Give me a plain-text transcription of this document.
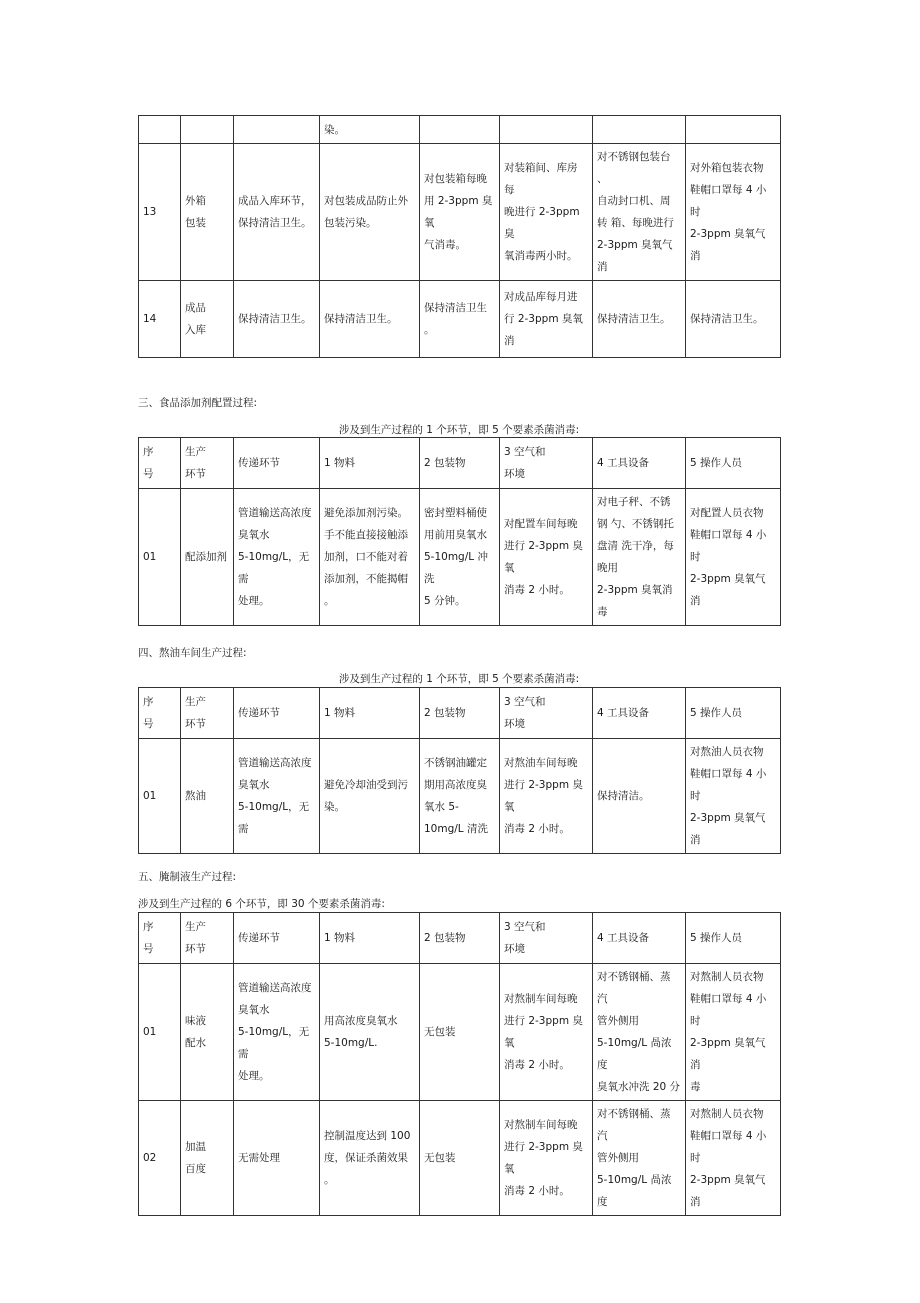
			染。				
13	外箱
包装	成品入库环节，
保持清洁卫生。	对包装成品防止外
包装污染。	对包装箱每晚
用 2-3ppm 臭
氧
气消毒。	对装箱间、库房
每
晚进行 2-3ppm
臭
氧消毒两小时。	对不锈钢包装台
、
自动封口机、周
转 箱、每晚进行
2-3ppm 臭氧气消	对外箱包装衣物
鞋帽口罩每 4 小
时
2-3ppm 臭氧气消
14	成品
入库	保持清洁卫生。	保持清洁卫生。	保持清洁卫生
。	对成品库每月进
行 2-3ppm 臭氧
消	保持清洁卫生。	保持清洁卫生。
三、食品添加剂配置过程:
涉及到生产过程的 1 个环节，即 5 个要素杀菌消毒:
序
号	生产
环节	传递环节	1 物料	2 包装物	3 空气和
环境	4 工具设备	5 操作人员
01	配添加剂	管道输送高浓度
臭氧水
5-10mg/L，无
需
处理。	避免添加剂污染。
手不能直接接触添
加剂，口不能对着
添加剂，不能揭帽
。	密封塑料桶使
用前用臭氧水
5-10mg/L 冲洗
5 分钟。	对配置车间每晚
进行 2-3ppm 臭
氧
消毒 2 小时。	对电子秤、不锈
钢 勺、不锈钢托
盘清 洗干净，每
晚用
2-3ppm 臭氧消毒	对配置人员衣物
鞋帽口罩每 4 小
时
2-3ppm 臭氧气消
四、熬油车间生产过程:
涉及到生产过程的 1 个环节，即 5 个要素杀菌消毒:
序
号	生产
环节	传递环节	1 物料	2 包装物	3 空气和
环境	4 工具设备	5 操作人员
01	熬油	管道输送高浓度
臭氧水
5-10mg/L，无
需	避免冷却油受到污
染。	不锈钢油罐定
期用高浓度臭
氧水 5-
10mg/L 清洗	对熬油车间每晚
进行 2-3ppm 臭
氧
消毒 2 小时。	保持清洁。	对熬油人员衣物
鞋帽口罩每 4 小
时
2-3ppm 臭氧气消
五、腌制液生产过程:
涉及到生产过程的 6 个环节，即 30 个要素杀菌消毒:
序
号	生产
环节	传递环节	1 物料	2 包装物	3 空气和
环境	4 工具设备	5 操作人员
01	味液
配水	管道输送高浓度
臭氧水
5-10mg/L，无
需
处理。	用高浓度臭氧水
5-10mg/L.	无包装	对熬制车间每晚
进行 2-3ppm 臭
氧
消毒 2 小时。	对不锈钢桶、蒸
汽
管外侧用
5-10mg/L 咼浓度
臭氧水冲洗 20 分	对熬制人员衣物
鞋帽口罩每 4 小
时
2-3ppm 臭氧气消
毒
02	加温
百度	无需处理	控制温度达到 100
度，保证杀菌效果
。	无包装	对熬制车间每晚
进行 2-3ppm 臭
氧
消毒 2 小时。	对不锈钢桶、蒸
汽
管外侧用
5-10mg/L 咼浓度	对熬制人员衣物
鞋帽口罩每 4 小
时
2-3ppm 臭氧气消
